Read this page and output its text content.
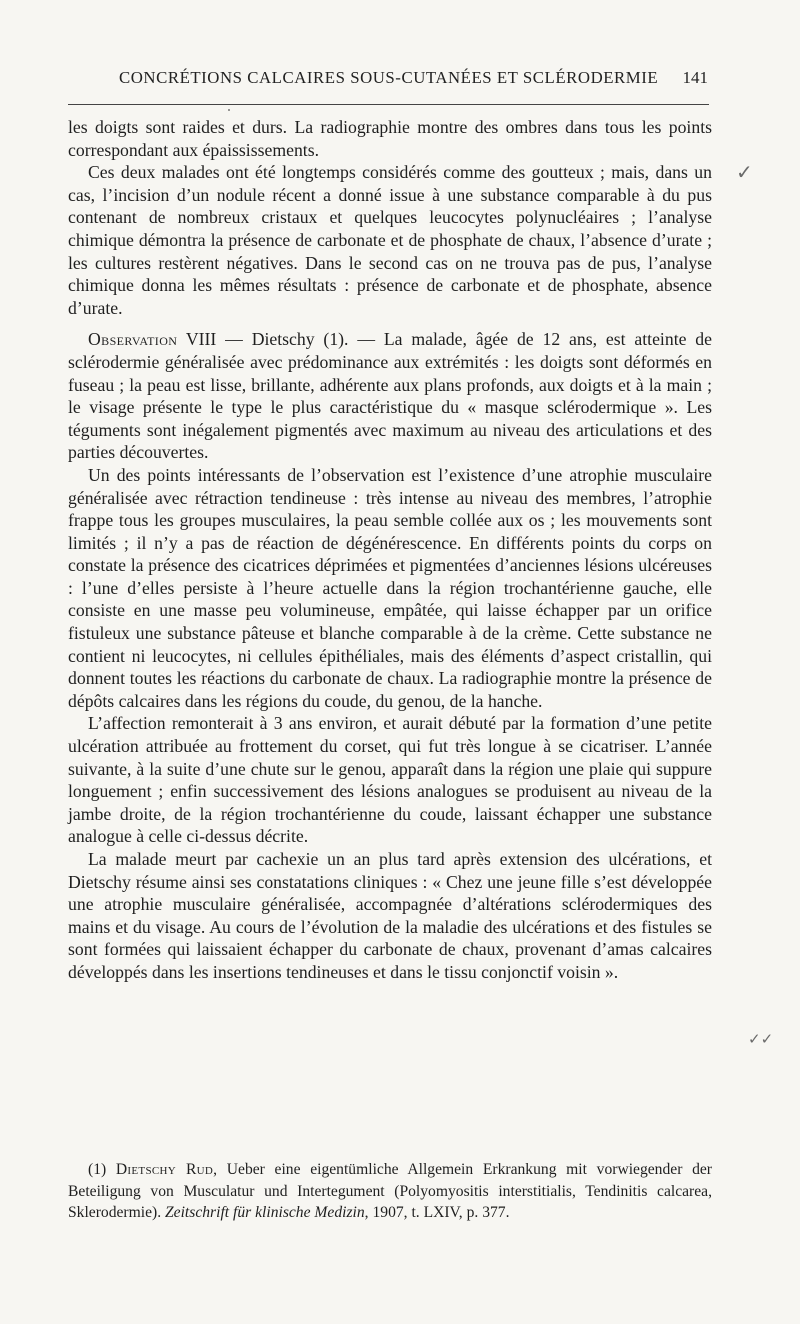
CONCRÉTIONS CALCAIRES SOUS-CUTANÉES ET SCLÉRODERMIE 141
✓
✓✓

les doigts sont raides et durs. La radiographie montre des ombres dans tous les points correspondant aux épaississements.

Ces deux malades ont été longtemps considérés comme des goutteux ; mais, dans un cas, l’incision d’un nodule récent a donné issue à une substance comparable à du pus contenant de nombreux cristaux et quelques leucocytes polynucléaires ; l’analyse chimique démontra la présence de carbonate et de phosphate de chaux, l’absence d’urate ; les cultures restèrent négatives. Dans le second cas on ne trouva pas de pus, l’analyse chimique donna les mêmes résultats : présence de carbonate et de phosphate, absence d’urate.

Observation VIII — Dietschy (1). — La malade, âgée de 12 ans, est atteinte de sclérodermie généralisée avec prédominance aux extrémités : les doigts sont déformés en fuseau ; la peau est lisse, brillante, adhérente aux plans profonds, aux doigts et à la main ; le visage présente le type le plus caractéristique du « masque sclérodermique ». Les téguments sont inégalement pigmentés avec maximum au niveau des articulations et des parties découvertes.

Un des points intéressants de l’observation est l’existence d’une atrophie musculaire généralisée avec rétraction tendineuse : très intense au niveau des membres, l’atrophie frappe tous les groupes musculaires, la peau semble collée aux os ; les mouvements sont limités ; il n’y a pas de réaction de dégénérescence. En différents points du corps on constate la présence des cicatrices déprimées et pigmentées d’anciennes lésions ulcéreuses : l’une d’elles persiste à l’heure actuelle dans la région trochantérienne gauche, elle consiste en une masse peu volumineuse, empâtée, qui laisse échapper par un orifice fistuleux une substance pâteuse et blanche comparable à de la crème. Cette substance ne contient ni leucocytes, ni cellules épithéliales, mais des éléments d’aspect cristallin, qui donnent toutes les réactions du carbonate de chaux. La radiographie montre la présence de dépôts calcaires dans les régions du coude, du genou, de la hanche.

L’affection remonterait à 3 ans environ, et aurait débuté par la formation d’une petite ulcération attribuée au frottement du corset, qui fut très longue à se cicatriser. L’année suivante, à la suite d’une chute sur le genou, apparaît dans la région une plaie qui suppure longuement ; enfin successivement des lésions analogues se produisent au niveau de la jambe droite, de la région trochantérienne du coude, laissant échapper une substance analogue à celle ci-dessus décrite.

La malade meurt par cachexie un an plus tard après extension des ulcérations, et Dietschy résume ainsi ses constatations cliniques : « Chez une jeune fille s’est développée une atrophie musculaire généralisée, accompagnée d’altérations sclérodermiques des mains et du visage. Au cours de l’évolution de la maladie des ulcérations et des fistules se sont formées qui laissaient échapper du carbonate de chaux, provenant d’amas calcaires développés dans les insertions tendineuses et dans le tissu conjonctif voisin ».

(1) Dietschy Rud, Ueber eine eigentümliche Allgemein Erkrankung mit vorwiegender der Beteiligung von Musculatur und Intertegument (Polyomyositis interstitialis, Tendinitis calcarea, Sklerodermie). Zeitschrift für klinische Medizin, 1907, t. LXIV, p. 377.
